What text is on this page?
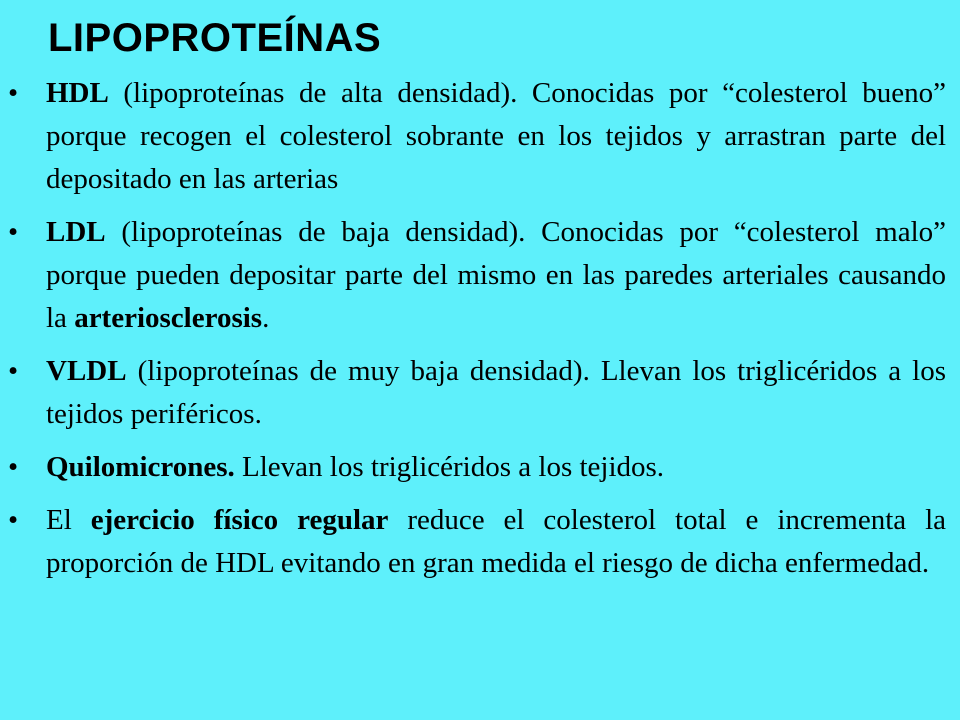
LIPOPROTEÍNAS
• HDL (lipoproteínas de alta densidad). Conocidas por “colesterol bueno” porque recogen el colesterol sobrante en los tejidos y arrastran parte del depositado en las arterias
• LDL (lipoproteínas de baja densidad). Conocidas por “colesterol malo” porque pueden depositar parte del mismo en las paredes arteriales causando la arteriosclerosis.
• VLDL (lipoproteínas de muy baja densidad). Llevan los triglicéridos a los tejidos periféricos.
• Quilomicrones. Llevan los triglicéridos a los tejidos.
• El ejercicio físico regular reduce el colesterol total e incrementa la proporción de HDL evitando en gran medida el riesgo de dicha enfermedad.
